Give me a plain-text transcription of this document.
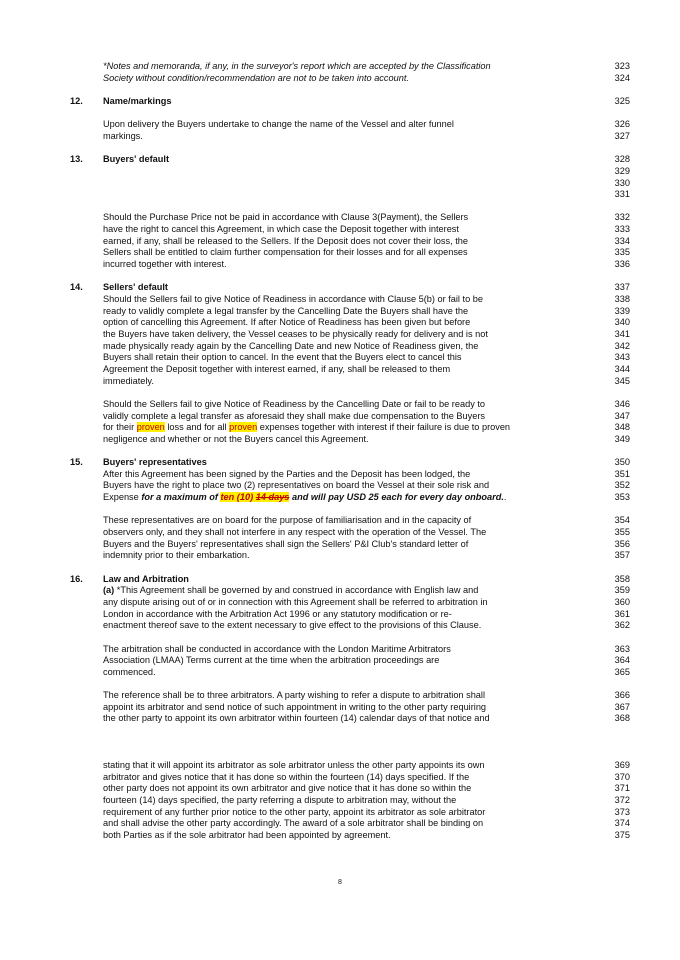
*Notes and memoranda, if any, in the surveyor's report which are accepted by the Classification	323
Society without condition/recommendation are not to be taken into account.	324
12. Name/markings	325
Upon delivery the Buyers undertake to change the name of the Vessel and alter funnel	326
markings.	327
13. Buyers' default	328
329
330
331
Should the Purchase Price not be paid in accordance with Clause 3(Payment), the Sellers	332
have the right to cancel this Agreement, in which case the Deposit together with interest	333
earned, if any, shall be released to the Sellers. If the Deposit does not cover their loss, the	334
Sellers shall be entitled to claim further compensation for their losses and for all expenses	335
incurred together with interest.	336
14. Sellers' default	337
Should the Sellers fail to give Notice of Readiness in accordance with Clause 5(b) or fail to be	338
ready to validly complete a legal transfer by the Cancelling Date the Buyers shall have the	339
option of cancelling this Agreement. If after Notice of Readiness has been given but before	340
the Buyers have taken delivery, the Vessel ceases to be physically ready for delivery and is not	341
made physically ready again by the Cancelling Date and new Notice of Readiness given, the	342
Buyers shall retain their option to cancel. In the event that the Buyers elect to cancel this	343
Agreement the Deposit together with interest earned, if any, shall be released to them	344
immediately.	345
Should the Sellers fail to give Notice of Readiness by the Cancelling Date or fail to be ready to	346
validly complete a legal transfer as aforesaid they shall make due compensation to the Buyers	347
for their proven loss and for all proven expenses together with interest if their failure is due to proven	348
negligence and whether or not the Buyers cancel this Agreement.	349
15. Buyers' representatives	350
After this Agreement has been signed by the Parties and the Deposit has been lodged, the	351
Buyers have the right to place two (2) representatives on board the Vessel at their sole risk and	352
Expense for a maximum of ten (10) 14 days and will pay USD 25 each for every day onboard..	353
These representatives are on board for the purpose of familiarisation and in the capacity of	354
observers only, and they shall not interfere in any respect with the operation of the Vessel. The	355
Buyers and the Buyers' representatives shall sign the Sellers' P&I Club's standard letter of	356
indemnity prior to their embarkation.	357
16. Law and Arbitration	358
(a) *This Agreement shall be governed by and construed in accordance with English law and	359
any dispute arising out of or in connection with this Agreement shall be referred to arbitration in	360
London in accordance with the Arbitration Act 1996 or any statutory modification or re-	361
enactment thereof save to the extent necessary to give effect to the provisions of this Clause.	362
The arbitration shall be conducted in accordance with the London Maritime Arbitrators	363
Association (LMAA) Terms current at the time when the arbitration proceedings are	364
commenced.	365
The reference shall be to three arbitrators. A party wishing to refer a dispute to arbitration shall	366
appoint its arbitrator and send notice of such appointment in writing to the other party requiring	367
the other party to appoint its own arbitrator within fourteen (14) calendar days of that notice and	368
stating that it will appoint its arbitrator as sole arbitrator unless the other party appoints its own	369
arbitrator and gives notice that it has done so within the fourteen (14) days specified. If the	370
other party does not appoint its own arbitrator and give notice that it has done so within the	371
fourteen (14) days specified, the party referring a dispute to arbitration may, without the	372
requirement of any further prior notice to the other party, appoint its arbitrator as sole arbitrator	373
and shall advise the other party accordingly. The award of a sole arbitrator shall be binding on	374
both Parties as if the sole arbitrator had been appointed by agreement.	375
8
